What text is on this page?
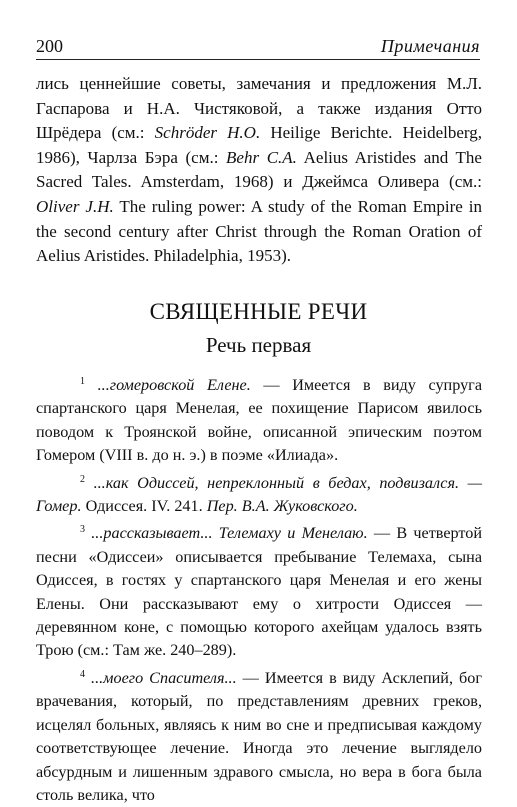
200	Примечания

лись ценнейшие советы, замечания и предложения М.Л. Гаспарова и Н.А. Чистяковой, а также издания Отто Шрёдера (см.: Schröder H.O. Heilige Berichte. Heidelberg, 1986), Чарлза Бэра (см.: Behr C.A. Aelius Aristides and The Sacred Tales. Amsterdam, 1968) и Джеймса Оливера (см.: Oliver J.H. The ruling power: A study of the Roman Empire in the second century after Christ through the Roman Oration of Aelius Aristides. Philadelphia, 1953).

СВЯЩЕННЫЕ РЕЧИ
Речь первая

$^1$ ...гомеровской Елене. — Имеется в виду супруга спартанского царя Менелая, ее похищение Парисом явилось поводом к Троянской войне, описанной эпическим поэтом Гомером (VIII в. до н. э.) в поэме «Илиада».

$^2$ ...как Одиссей, непреклонный в бедах, подвизался. — Гомер. Одиссея. IV. 241. Пер. В.А. Жуковского.

$^3$ ...рассказывает... Телемаху и Менелаю. — В четвертой песни «Одиссеи» описывается пребывание Телемаха, сына Одиссея, в гостях у спартанского царя Менелая и его жены Елены. Они рассказывают ему о хитрости Одиссея — деревянном коне, с помощью которого ахейцам удалось взять Трою (см.: Там же. 240–289).

$^4$ ...моего Спасителя... — Имеется в виду Асклепий, бог врачевания, который, по представлениям древних греков, исцелял больных, являясь к ним во сне и предписывая каждому соответствующее лечение. Иногда это лечение выглядело абсурдным и лишенным здравого смысла, но вера в бога была столь велика, что
